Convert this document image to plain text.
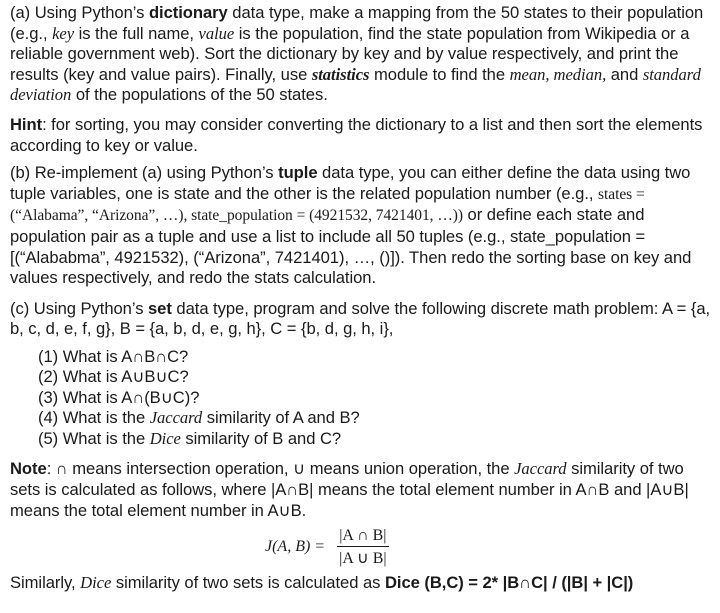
(a) Using Python’s dictionary data type, make a mapping from the 50 states to their population (e.g., key is the full name, value is the population, find the state population from Wikipedia or a reliable government web). Sort the dictionary by key and by value respectively, and print the results (key and value pairs). Finally, use statistics module to find the mean, median, and standard deviation of the populations of the 50 states.

Hint: for sorting, you may consider converting the dictionary to a list and then sort the elements according to key or value.

(b) Re-implement (a) using Python’s tuple data type, you can either define the data using two tuple variables, one is state and the other is the related population number (e.g., states = (“Alabama”, “Arizona”, …), state_population = (4921532, 7421401, …)) or define each state and population pair as a tuple and use a list to include all 50 tuples (e.g., state_population = [(“Alababma”, 4921532), (“Arizona”, 7421401), …, ()]). Then redo the sorting base on key and values respectively, and redo the stats calculation.

(c) Using Python’s set data type, program and solve the following discrete math problem: A = {a, b, c, d, e, f, g}, B = {a, b, d, e, g, h}, C = {b, d, g, h, i},

(1) What is A∩B∩C?

(2) What is A∪B∪C?

(3) What is A∩(B∪C)?

(4) What is the Jaccard similarity of A and B?

(5) What is the Dice similarity of B and C?

Note: ∩ means intersection operation, ∪ means union operation, the Jaccard similarity of two sets is calculated as follows, where |A∩B| means the total element number in A∩B and |A∪B| means the total element number in A∪B.

J(A, $B) = \frac{|A \cap B|}{|A \cup B|}$

Similarly, Dice similarity of two sets is calculated as Dice (B,C) = 2* |B∩C| / (|B| + |C|)
